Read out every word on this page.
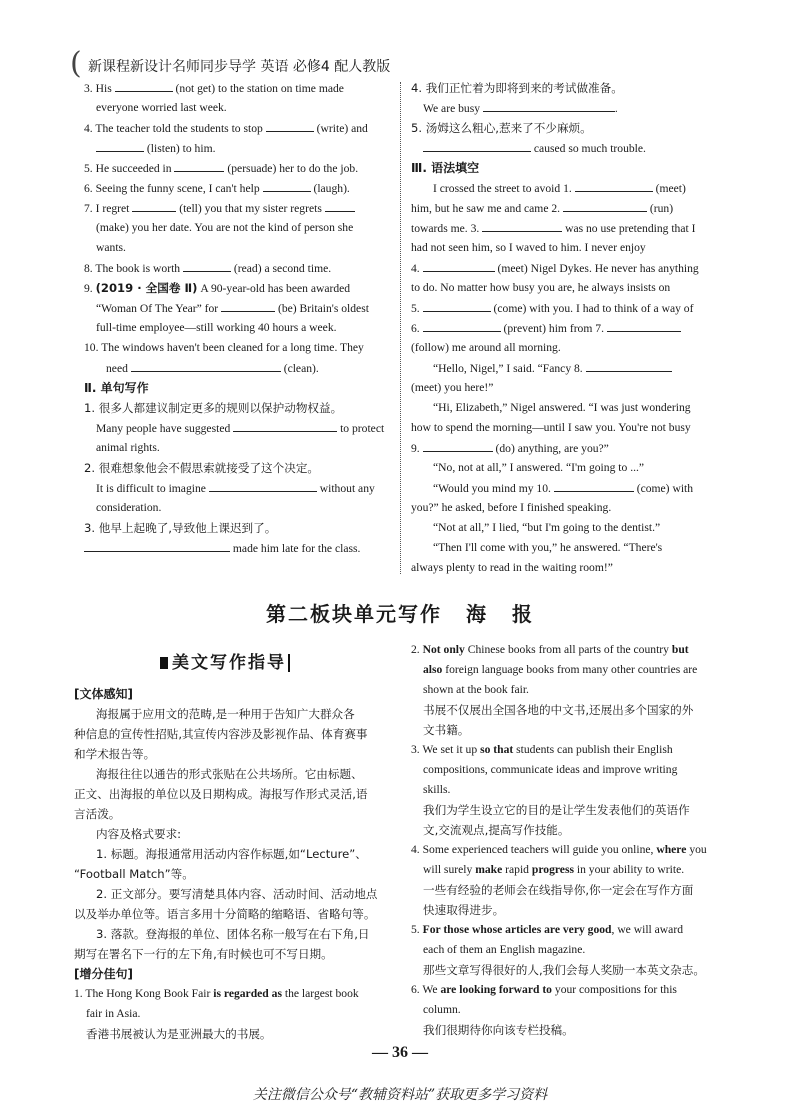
( 新课程新设计名师同步导学 英语 必修4 配人教版
3. His	(not get) to the station on time made
everyone worried last week.
4. The teacher told the students to stop	(write) and
(listen) to him.
5. He succeeded in	(persuade) her to do the job.
6. Seeing the funny scene, I can't help	(laugh).
7. I regret	(tell) you that my sister regrets
(make) you her date. You are not the kind of person she
wants.
8. The book is worth	(read) a second time.
9. (2019 · 全国卷 Ⅱ) A 90-year-old has been awarded
“Woman Of The Year” for	(be) Britain's oldest
full-time employee—still working 40 hours a week.
10. The windows haven't been cleaned for a long time. They
need	(clean).
Ⅱ. 单句写作
1. 很多人都建议制定更多的规则以保护动物权益。
Many people have suggested	to protect
animal rights.
2. 很难想象他会不假思索就接受了这个决定。
It is difficult to imagine	without any
consideration.
3. 他早上起晚了,导致他上课迟到了。
made him late for the class.
4. 我们正忙着为即将到来的考试做准备。
We are busy	.
5. 汤姆这么粗心,惹来了不少麻烦。
caused so much trouble.
Ⅲ. 语法填空
I crossed the street to avoid 1.	(meet)
him, but he saw me and came 2.	(run)
towards me. 3.	was no use pretending that I
had not seen him, so I waved to him. I never enjoy
4.	(meet) Nigel Dykes. He never has anything
to do. No matter how busy you are, he always insists on
5.	(come) with you. I had to think of a way of
6.	(prevent) him from 7.
(follow) me around all morning.
“Hello, Nigel,” I said. “Fancy 8.
(meet) you here!”
“Hi, Elizabeth,” Nigel answered. “I was just wondering
how to spend the morning—until I saw you. You're not busy
9.	(do) anything, are you?”
“No, not at all,” I answered. “I'm going to ...”
“Would you mind my 10.	(come) with
you?” he asked, before I finished speaking.
“Not at all,” I lied, “but I'm going to the dentist.”
“Then I'll come with you,” he answered. “There's
always plenty to read in the waiting room!”
第二板块单元写作 海 报
美文写作指导
[文体感知]
海报属于应用文的范畴,是一种用于告知广大群众各
种信息的宣传性招贴,其宣传内容涉及影视作品、体育赛事
和学术报告等。
海报往往以通告的形式张贴在公共场所。它由标题、
正文、出海报的单位以及日期构成。海报写作形式灵活,语
言活泼。
内容及格式要求:
1. 标题。海报通常用活动内容作标题,如“Lecture”、
“Football Match”等。
2. 正文部分。要写清楚具体内容、活动时间、活动地点
以及举办单位等。语言多用十分简略的缩略语、省略句等。
3. 落款。登海报的单位、团体名称一般写在右下角,日
期写在署名下一行的左下角,有时候也可不写日期。
[增分佳句]
1. The Hong Kong Book Fair is regarded as the largest book
fair in Asia.
香港书展被认为是亚洲最大的书展。
2. Not only Chinese books from all parts of the country but
also foreign language books from many other countries are
shown at the book fair.
书展不仅展出全国各地的中文书,还展出多个国家的外
文书籍。
3. We set it up so that students can publish their English
compositions, communicate ideas and improve writing
skills.
我们为学生设立它的目的是让学生发表他们的英语作
文,交流观点,提高写作技能。
4. Some experienced teachers will guide you online, where you
will surely make rapid progress in your ability to write.
一些有经验的老师会在线指导你,你一定会在写作方面
快速取得进步。
5. For those whose articles are very good, we will award
each of them an English magazine.
那些文章写得很好的人,我们会每人奖励一本英文杂志。
6. We are looking forward to your compositions for this
column.
我们很期待你向该专栏投稿。
— 36 —
关注微信公众号“教辅资料站”获取更多学习资料
